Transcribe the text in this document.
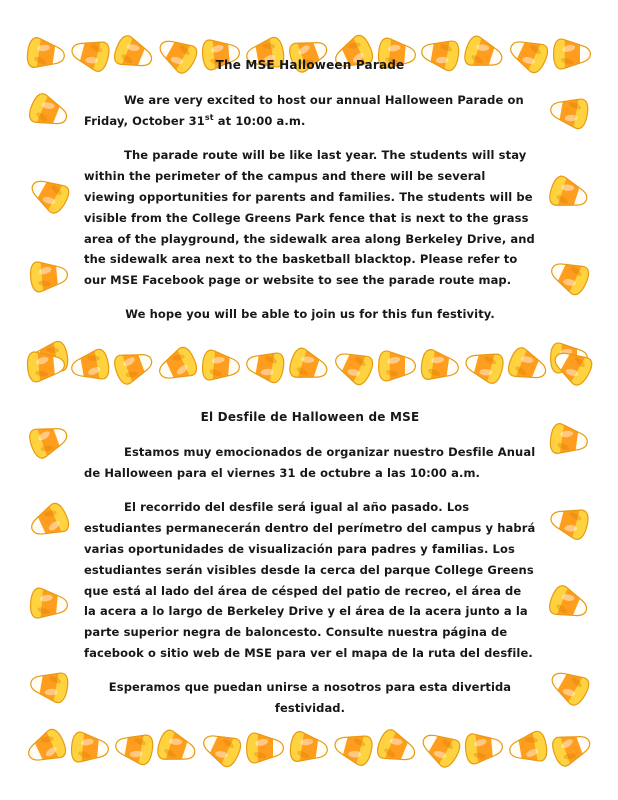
The MSE Halloween Parade

We are very excited to host our annual Halloween Parade on Friday, October 31st at 10:00 a.m.

The parade route will be like last year. The students will stay within the perimeter of the campus and there will be several viewing opportunities for parents and families. The students will be visible from the College Greens Park fence that is next to the grass area of the playground, the sidewalk area along Berkeley Drive, and the sidewalk area next to the basketball blacktop. Please refer to our MSE Facebook page or website to see the parade route map.

We hope you will be able to join us for this fun festivity.

El Desfile de Halloween de MSE

Estamos muy emocionados de organizar nuestro Desfile Anual de Halloween para el viernes 31 de octubre a las 10:00 a.m.

El recorrido del desfile será igual al año pasado. Los estudiantes permanecerán dentro del perímetro del campus y habrá varias oportunidades de visualización para padres y familias. Los estudiantes serán visibles desde la cerca del parque College Greens que está al lado del área de césped del patio de recreo, el área de la acera a lo largo de Berkeley Drive y el área de la acera junto a la parte superior negra de baloncesto. Consulte nuestra página de facebook o sitio web de MSE para ver el mapa de la ruta del desfile.

Esperamos que puedan unirse a nosotros para esta divertida festividad.
